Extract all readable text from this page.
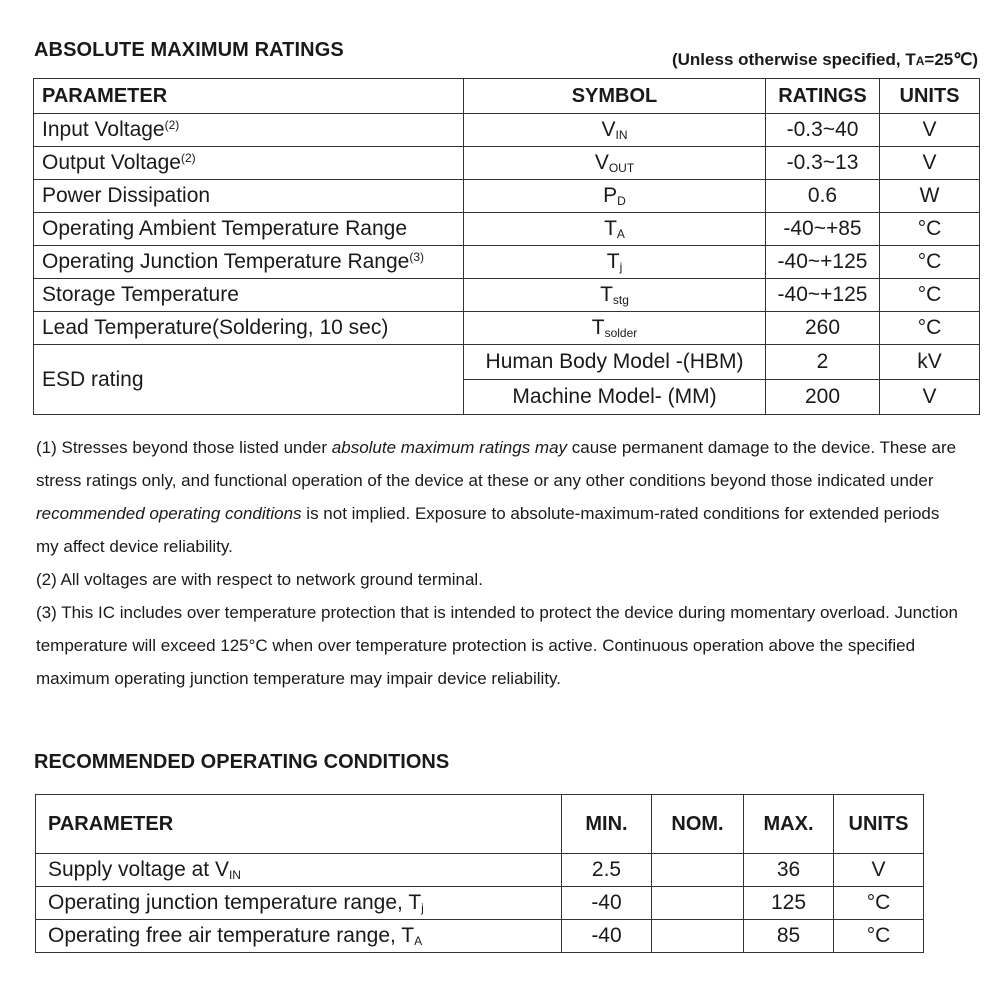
ABSOLUTE MAXIMUM RATINGS	(Unless otherwise specified, TA=25℃)
PARAMETER	SYMBOL	RATINGS	UNITS
Input Voltage$^{(2)}$	$V_{IN}$	-0.3~40	V
Output Voltage$^{(2)}$	$V_{OUT}$	-0.3~13	V
Power Dissipation	$P_D$	0.6	W
Operating Ambient Temperature Range	$T_A$	-40~+85	°C
Operating Junction Temperature Range$^{(3)}$	$T_j$	-40~+125	°C
Storage Temperature	$T_{stg}$	-40~+125	°C
Lead Temperature(Soldering, 10 sec)	$T_{solder}$	260	°C
ESD rating	Human Body Model -(HBM)	2	kV
	Machine Model- (MM)	200	V

(1) Stresses beyond those listed under absolute maximum ratings may cause permanent damage to the device. These are stress ratings only, and functional operation of the device at these or any other conditions beyond those indicated under recommended operating conditions is not implied. Exposure to absolute-maximum-rated conditions for extended periods my affect device reliability.

(2) All voltages are with respect to network ground terminal.

(3) This IC includes over temperature protection that is intended to protect the device during momentary overload. Junction temperature will exceed 125°C when over temperature protection is active. Continuous operation above the specified maximum operating junction temperature may impair device reliability.

RECOMMENDED OPERATING CONDITIONS
PARAMETER	MIN.	NOM.	MAX.	UNITS
Supply voltage at $V_{IN}$	2.5		36	V
Operating junction temperature range, $T_j$	-40		125	°C
Operating free air temperature range, $T_A$	-40		85	°C
